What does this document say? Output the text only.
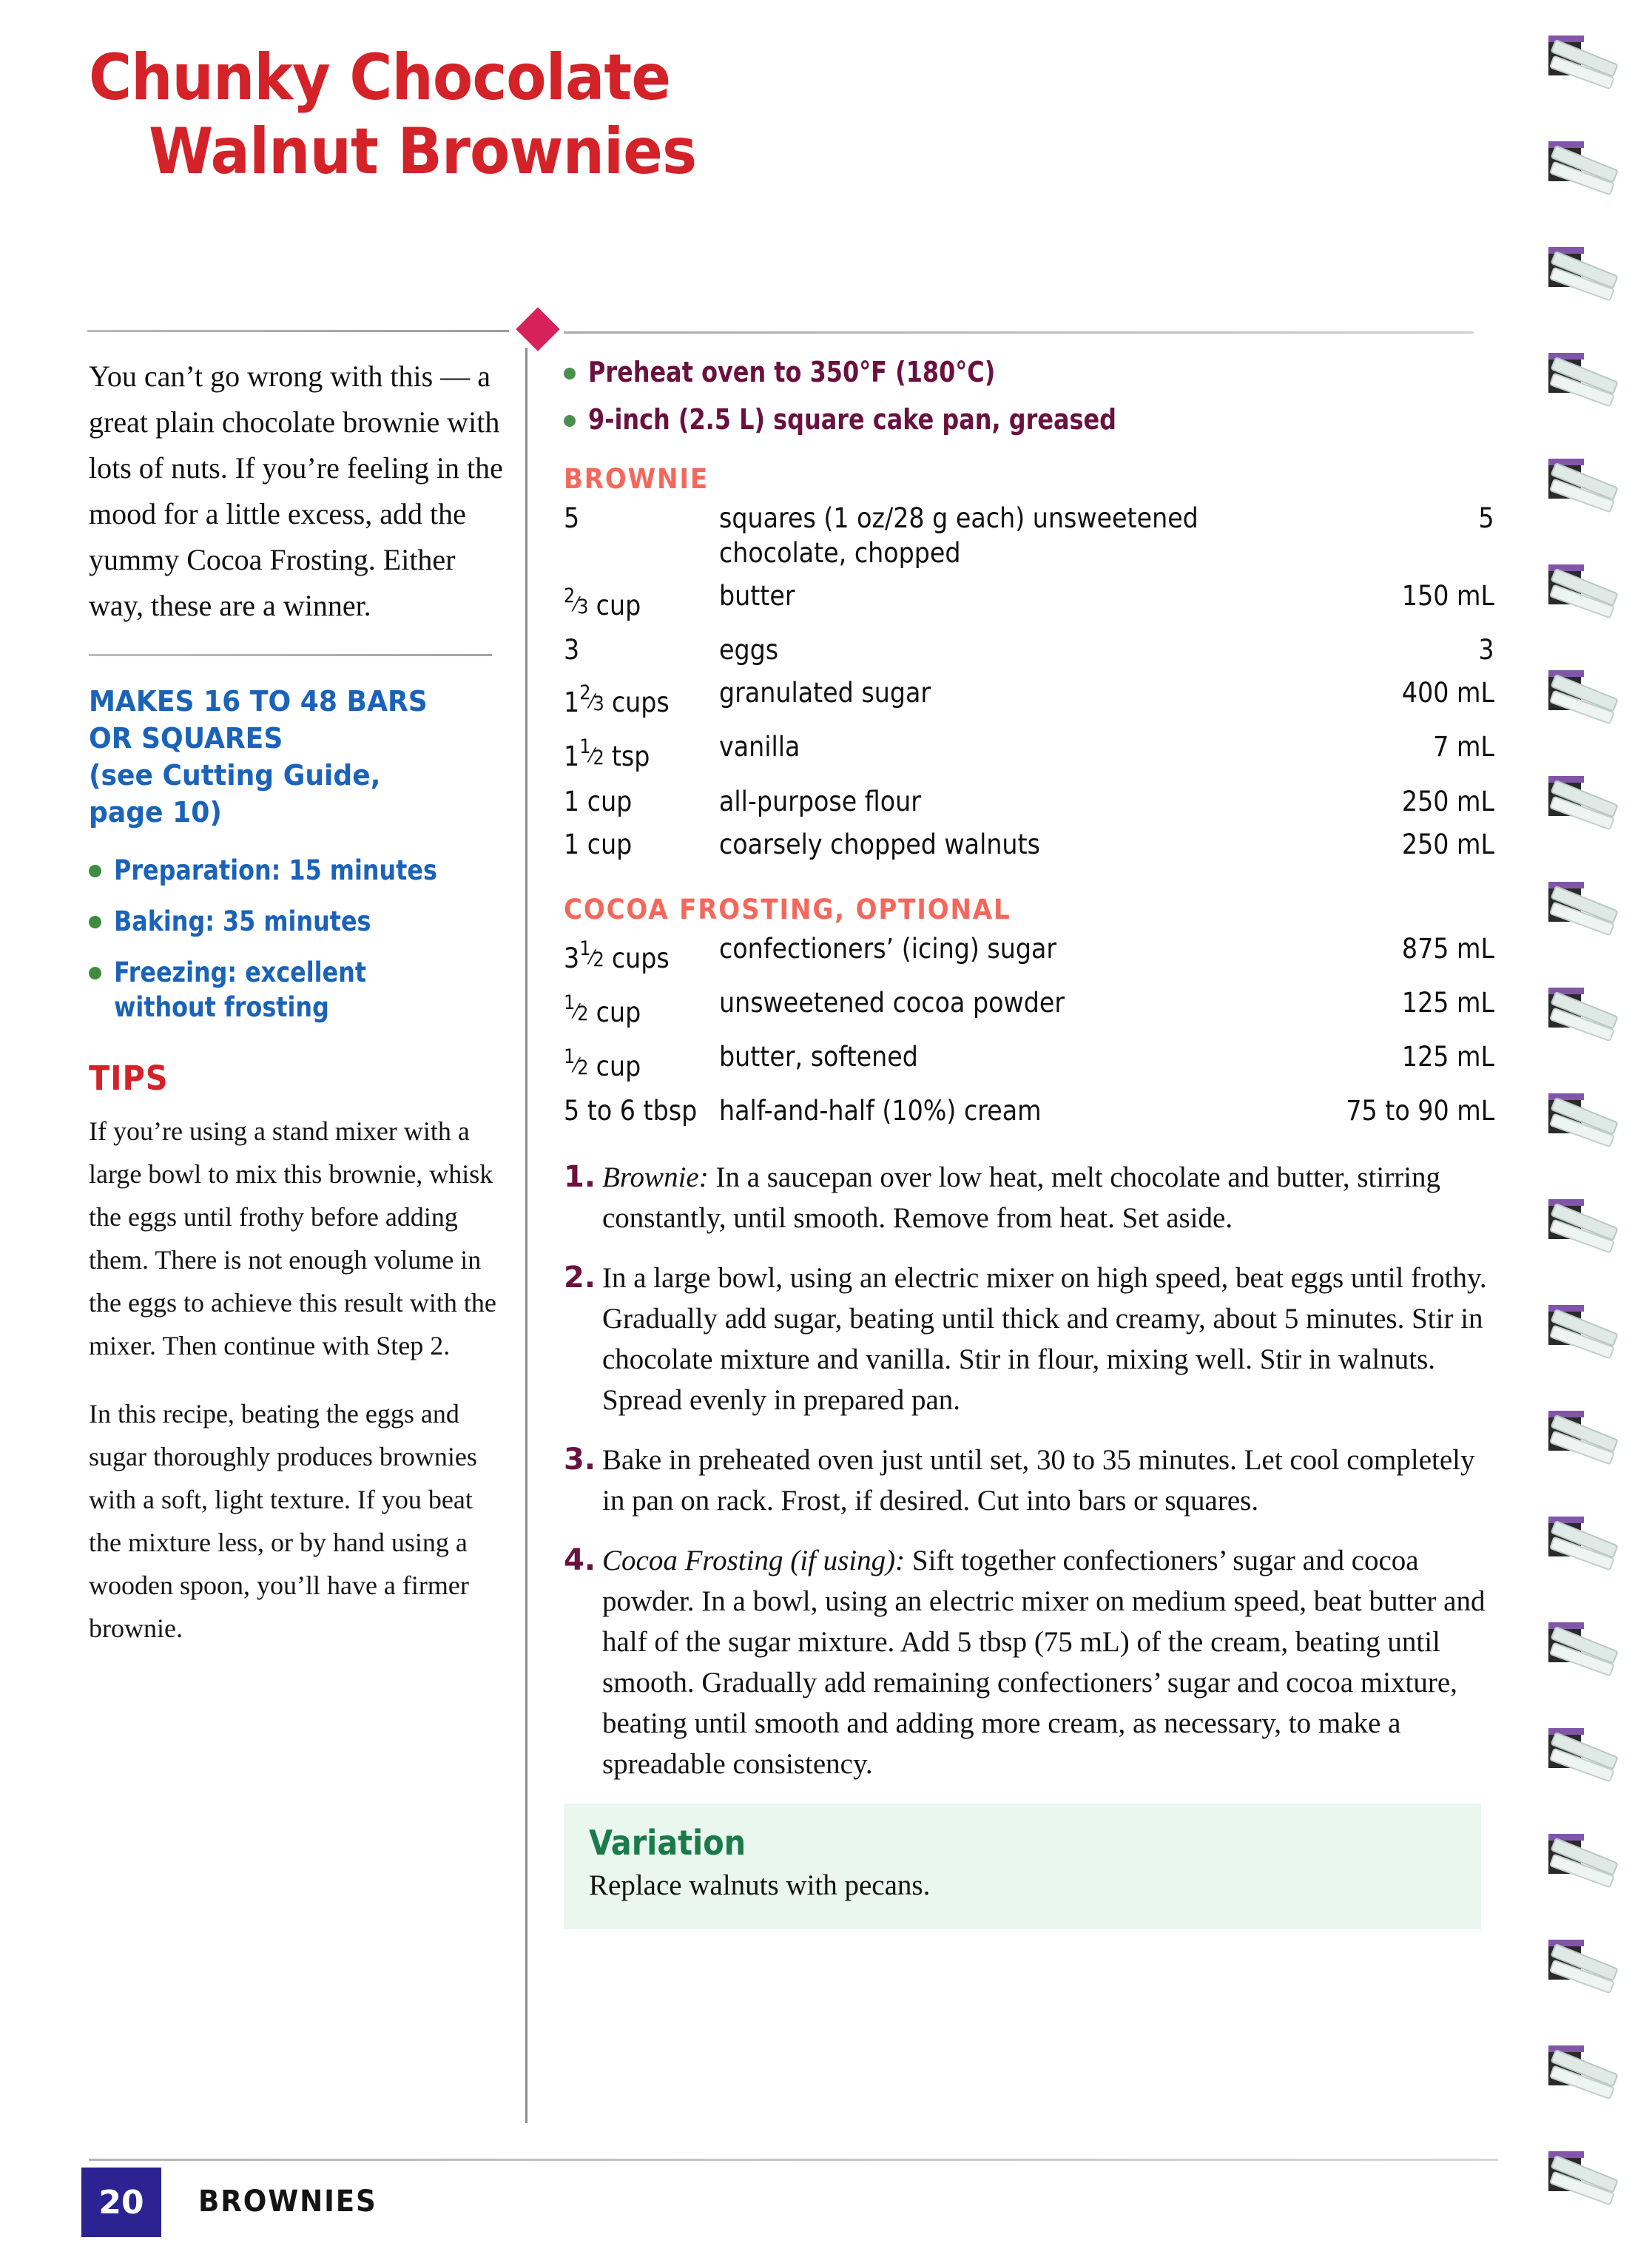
Chunky Chocolate
Walnut Brownies

You can’t go wrong with this — a great plain chocolate brownie with lots of nuts. If you’re feeling in the mood for a little excess, add the yummy Cocoa Frosting. Either way, these are a winner.

MAKES 16 TO 48 BARS
OR SQUARES
(see Cutting Guide,
page 10)
Preparation: 15 minutes
Baking: 35 minutes
Freezing: excellent without frosting
TIPS

If you’re using a stand mixer with a large bowl to mix this brownie, whisk the eggs until frothy before adding them. There is not enough volume in the eggs to achieve this result with the mixer. Then continue with Step 2.

In this recipe, beating the eggs and sugar thoroughly produces brownies with a soft, light texture. If you beat the mixture less, or by hand using a wooden spoon, you’ll have a firmer brownie.

Preheat oven to 350°F (180°C)
9-inch (2.5 L) square cake pan, greased
BROWNIE
5	squares (1 oz/28 g each) unsweetened chocolate, chopped	5
$^2⁄_3$ cup	butter	150 mL
3	eggs	3
$1^2⁄_3$ cups	granulated sugar	400 mL
$1^1⁄_2$ tsp	vanilla	7 mL
1 cup	all-purpose flour	250 mL
1 cup	coarsely chopped walnuts	250 mL
COCOA FROSTING, OPTIONAL
$3^1⁄_2$ cups	confectioners’ (icing) sugar	875 mL
$^1⁄_2$ cup	unsweetened cocoa powder	125 mL
$^1⁄_2$ cup	butter, softened	125 mL
5 to 6 tbsp	half-and-half (10%) cream	75 to 90 mL
1. Brownie: In a saucepan over low heat, melt chocolate and butter, stirring constantly, until smooth. Remove from heat. Set aside.
2. In a large bowl, using an electric mixer on high speed, beat eggs until frothy. Gradually add sugar, beating until thick and creamy, about 5 minutes. Stir in chocolate mixture and vanilla. Stir in flour, mixing well. Stir in walnuts. Spread evenly in prepared pan.
3. Bake in preheated oven just until set, 30 to 35 minutes. Let cool completely in pan on rack. Frost, if desired. Cut into bars or squares.
4. Cocoa Frosting (if using): Sift together confectioners’ sugar and cocoa powder. In a bowl, using an electric mixer on medium speed, beat butter and half of the sugar mixture. Add 5 tbsp (75 mL) of the cream, beating until smooth. Gradually add remaining confectioners’ sugar and cocoa mixture, beating until smooth and adding more cream, as necessary, to make a spreadable consistency.
Variation

Replace walnuts with pecans.

20	BROWNIES
